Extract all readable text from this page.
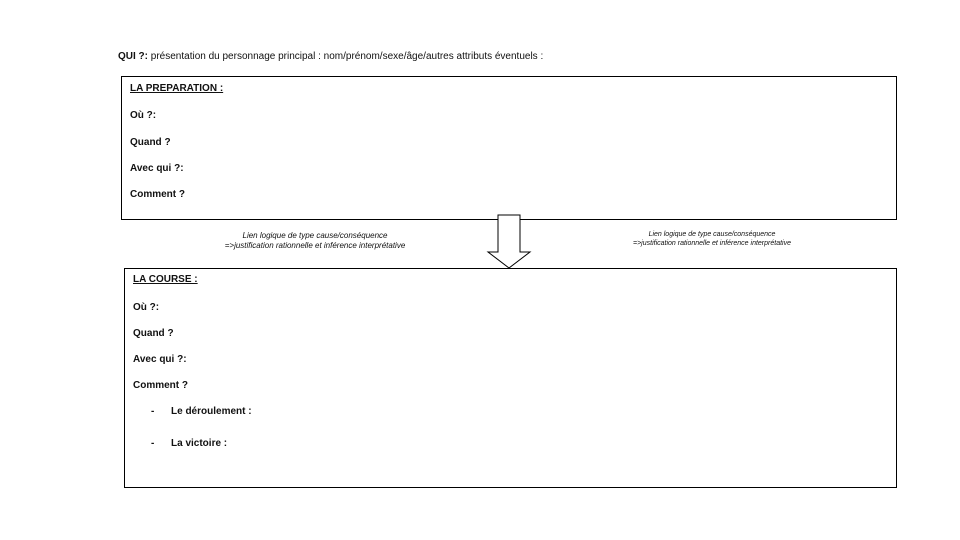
QUI ?: présentation du personnage principal : nom/prénom/sexe/âge/autres attributs éventuels :
LA PREPARATION :
Où ?:
Quand ?
Avec qui ?:
Comment ?
Lien logique de type cause/conséquence
=>justification rationnelle et inférence interprétative
Lien logique de type cause/conséquence
=>justification rationnelle et inférence interprétative
LA COURSE :
Où ?:
Quand ?
Avec qui ?:
Comment ?
- Le déroulement :
- La victoire :
